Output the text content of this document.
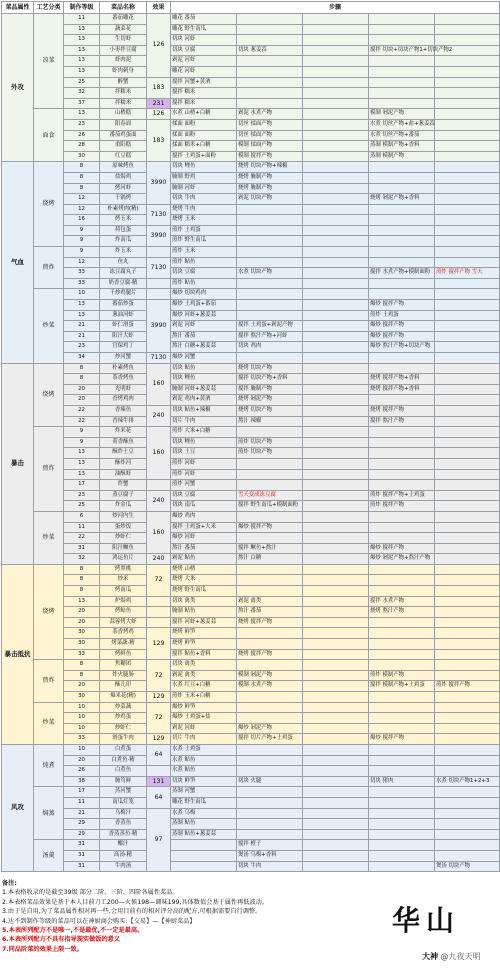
菜品属性	工艺分类	制作等级	菜品名称	效果	步骤					
外攻	凉菜	11	番茄雕花	126	雕花 番茄					
		13	蔬菜花		雕花 野生南瓜					
		13	生切虾		切块 河虾					
		13	小枣拌豆腐		切块 豆腐	切块 葱姜蒜		搅拌 切块+切块产物1+切块产物2		
		13	虾肉泥		剁泥 河虾					
		13	虾肉刺身		雕花 河虾					
		25	醉蟹	183	搅拌 河蟹+黄酒					
		32	拌糯米		搅拌 糯米					
		37	拌糯米	231	搅拌 糯米					
	面食	13	山楂糕	126	水煮 山楂+白糖	剁泥 水煮产物		模制 剁泥产物		
		23	阳春面	183	揉面 面粉	切丝 揉面产物		水煮 切丝产物+盐+葱姜蒜		
		26	番茄鸡蛋面		揉面 面粉	切丝 揉面产物		水煮 切丝产物+番茄		
		28	重阳糕		揉面 糯米+白糖	模制 揉面产物		蒸制 模制产物+香料		
		30	红豆糕		搅拌 土鸡蛋+面粉	模制 搅拌产物		蒸制 模制产物		
气血	烧烤	8	原味烤鱼	3990	切块 鲤鱼	烧烤 切块产物+辣椒				
		8	盐焗鸡		腌制 野鸡	烧烤 腌制产物				
		8	烤河虾		腌制 河虾	烧烤 腌制产物				
		12	干锅烤		切块 牛肉	剁泥 切块产物		烧烤 剁泥产物+香料		
		12	朴素烤肉(精)	7130	烧烤 牛肉					
		16	烤玉米		烧烤 玉米					
		9	荷包蛋	3990	煎炸 土鸡蛋					
		9	炸南瓜		煎炸 野生南瓜					
	煎炸	9	炸玉米		煎炸 玉米					
		12	鱼丸	7130	煎炸 鲇鱼					
		33	冻豆腐丸子		切块 豆腐	水煮 切块产物		搅拌 水煮产物+模制面粉	煎炸 搅拌产物 雪天	
		33	奶香豆腐·精		煎炸 鲇鱼					
	炒菜	10	千炒鸡腿片		爆炒 切块鸡肉					
		13	番茄炒蛋	3990	爆炒 土鸡蛋+番茄			爆炒 搅拌产物		
		13	葱油河虾		爆炒 河虾+葱姜蒜			煎炸 土鸡蛋		
		21	虾仁滑蛋		剁泥 河虾	搅拌 土鸡蛋+剁泥产物		爆炒 搅拌产物		
		21	阳汁大虾		熬汁 番茄	搅拌 熬汁产物+河虾		爆炒 搅拌产物		
		23	宫保鸡丁		熬汁 白糖+葱姜蒜	切块 鸡肉		爆炒 熬汁产物+切块产物		
		34	炒河蟹	7130	爆炒 河蟹					
暴击	烧烤	8	朴素烤鱼	160	切块 鲇鱼	烧烤 切块产物				
		8	茶香烤鱼		切块 鲤鱼	搅拌 切块产物+香料		烧烤 搅拌产物+香料		
		20	光明虾		腌制 河虾+葱姜蒜	搅拌 腌制产物		烧烤 搅拌产物+香料		
		20	香烤鸡肉		剁泥 鸡肉+黄酒	烧烤 剁泥产物				
		22	香辣鱼	240	切块 鲇鱼+辣椒	烧烤 切块产物		烧烤 搅拌产物		
		22	香辣牛排		切片 牛肉	熬汁 辣椒		搅拌 熬汁产物		
	煎炸	9	炸米花	160	煎炸 大米+白糖					
		9	荷香酥鱼		切块 鲤鱼	煎炸 切块产物				
		13	酥炸土豆		切块 土豆	煎炸 切块产物				
		13	酥炸河		煎炸 河虾					
		13	油酥虾		煎炸 河虾					
		17	炸蟹		煎炸 河蟹					
		23	蒸豆腐子	240	切块 豆腐	雪天变成冻豆腐		煎炸 搅拌产物+土鸡蛋		
		25	炸金瓜		切块 南瓜	搅拌 野生南瓜+模制面粉		煎炸 搅拌产物		
	炒菜	6	炒河内生	160	爆炒 鸡肉					
		11	蛋炒饭		搅拌 土鸡蛋+大米	爆炒 搅拌产物				
		22	炒虾仁		爆炒 河虾					
		31	阳汁鳜鱼		熬汁 番茄	搅拌 鳜鱼+熬汁		爆炒 搅拌产物		
		32	鸿运鱼片	240	剁泥 鲇鱼	熬汁 白糖		爆炒 剁泥产物+熬汁产物		
暴击抵抗	烧烤	8	烤黑桃	72	烧烤 山楂					
		8	炒米		烧烤 大米					
		8	烤南瓜		烧烤 野生南瓜					
		13	炉焗鸡		切块 禽类	剁泥 禽类		搅拌 水煮产物		
		20	烤鲇鱼		腌制 鲇鱼	熬汁 番茄		烧烤 熬汁产物		
		20	蒜蓉烤大虾		搅拌 河虾+葱姜蒜	烧烤 搅拌产物				
		30	茶香烤鸡	129	烧烤 鲜笋					
		30	烤菜蔬·精		烧烤 鲜笋					
		33	烤鲜鱼		搅拌 鲇鱼+香料	烧烤 搅拌产物				
	煎炸	8	焦糊团	72	切块 禽类					
		8	炸火腿肠		剁泥 禽类	模制 剁泥产物		煎炸 模制产物		
		20	酥儿印		水煮 红豆+白糖	模制 水煮产物		搅拌 模制产物+土鸡蛋	煎炸 搅拌产物	
		30	爆米花(精)	129	煎炸 玉米+白糖					
	炒菜	10	炒菜蔬	72	爆炒 鲜笋					
		10	炒鸡蛋		爆炒 土鸡蛋+盐					
		10	炒虾仁		剁泥 河虾	爆炒 剁泥产物				
		33	滑蛋牛肉	129	切片 牛肉	搅拌 切片产物+土鸡蛋		爆炒 搅拌产物		
风攻	炖煮	10	白煮蛋	64	水煮 土鸡蛋					
		20	白煮鱼·精		水煮 鲇鱼					
		26	白煮鱼		水煮 鲇鱼					
		38	腌笃鲜	131	切块 鲜笋	切块 火腿		切块 猪肉	水煮 切块产物1+2+3	
	焖蒸	17	蒸河蟹	64	蒸制 河蟹					
		11	南瓜灯笼		雕花 野生南瓜					
		21	乌梅汁	97	水煮 乌梅					
		29	香蒸鱼		蒸制 鲇鱼					
		29	香蒸蒸鱼·精		蒸制 鲇鱼+葱姜蒜					
	汤羹	31	椰汁			搅拌 橙子				
		31	高汤·精			煲汤 乌梅+香料				
		31	牛肉汤			切块 牛肉			煲汤 切块产物	
备注:
1.本表格收录的是截至39级 部分二阶、三阶、四阶各属性菜品。
2.本表格菜品效果是基于本人目前刀工200—火候198—调味199,具体数值会基于属性再低波动。
3.由于是自用,为了菜品属性相对再一些,会用目前有的相对评分高的配方,可根据需要自行调整。
4.达不到制作等级的菜品可以在神厨商会购买:【交易】—【神厨菜品】
5.本表所列配方不是唯一,不是最优,不一定是最高。
6.本表所列配方不具有指导现实做饭的意义
7.同品阶菜的效果上限一致。
华山
大神 @九夜天明
